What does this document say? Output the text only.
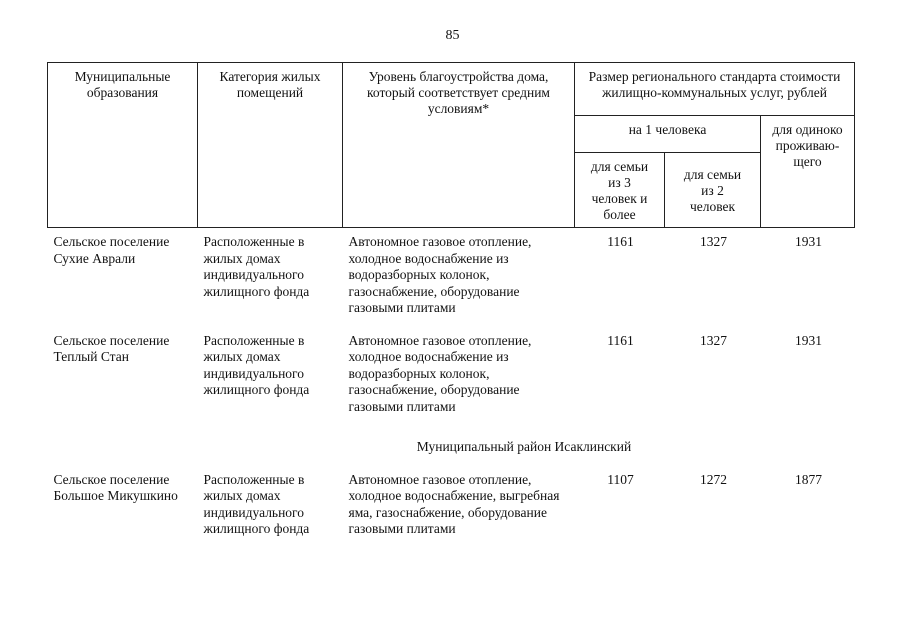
85
Муниципальные образования	Категория жилых помещений	Уровень благоустройства дома, который соответствует средним условиям*	Размер регионального стандарта стоимости жилищно-коммунальных услуг, рублей		
			на 1 человека		для одиноко проживаю-щего
			для семьи из 3 человек и более	для семьи из 2 человек	
Сельское поселение Сухие Аврали	Расположенные в жилых домах индивидуального жилищного фонда	Автономное газовое отопление, холодное водоснабжение из водоразборных колонок, газоснабжение, оборудование газовыми плитами	1161	1327	1931
Сельское поселение Теплый Стан	Расположенные в жилых домах индивидуального жилищного фонда	Автономное газовое отопление, холодное водоснабжение из водоразборных колонок, газоснабжение, оборудование газовыми плитами	1161	1327	1931
Муниципальный район Исаклинский					
Сельское поселение Большое Микушкино	Расположенные в жилых домах индивидуального жилищного фонда	Автономное газовое отопление, холодное водоснабжение, выгребная яма, газоснабжение, оборудование газовыми плитами	1107	1272	1877
